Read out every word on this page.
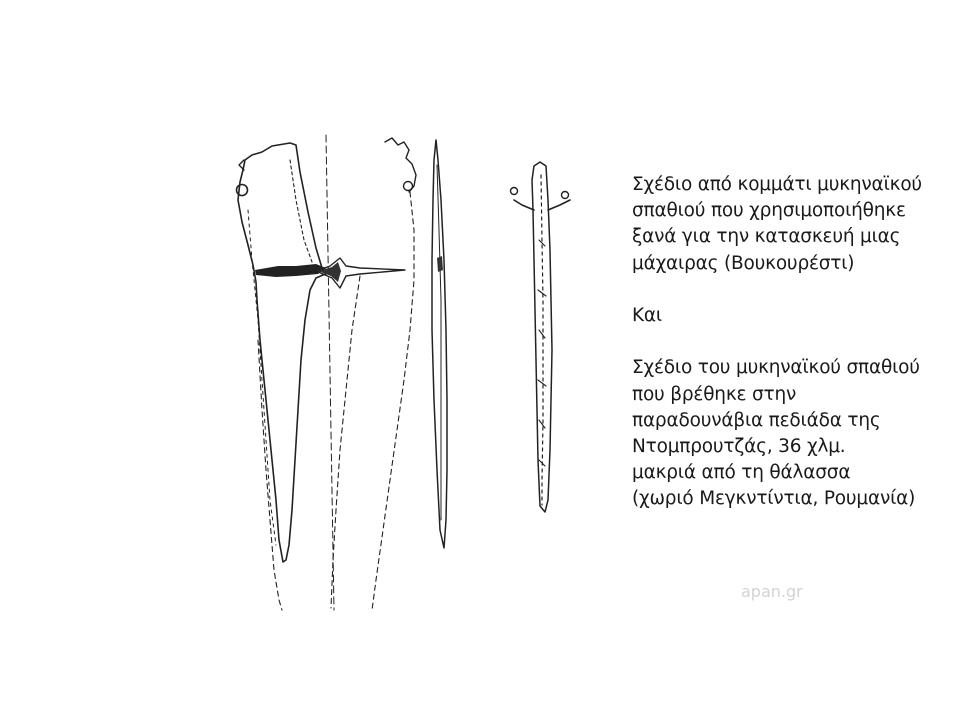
Σχέδιο από κομμάτι μυκηναϊκού
σπαθιού που χρησιμοποιήθηκε
ξανά για την κατασκευή μιας
μάχαιρας (Βουκουρέστι)
Και
Σχέδιο του μυκηναϊκού σπαθιού
που βρέθηκε στην
παραδουνάβια πεδιάδα της
Ντομπρουτζάς, 36 χλμ.
μακριά από τη θάλασσα
(χωριό Μεγκντίντια, Ρουμανία)
apan.gr
